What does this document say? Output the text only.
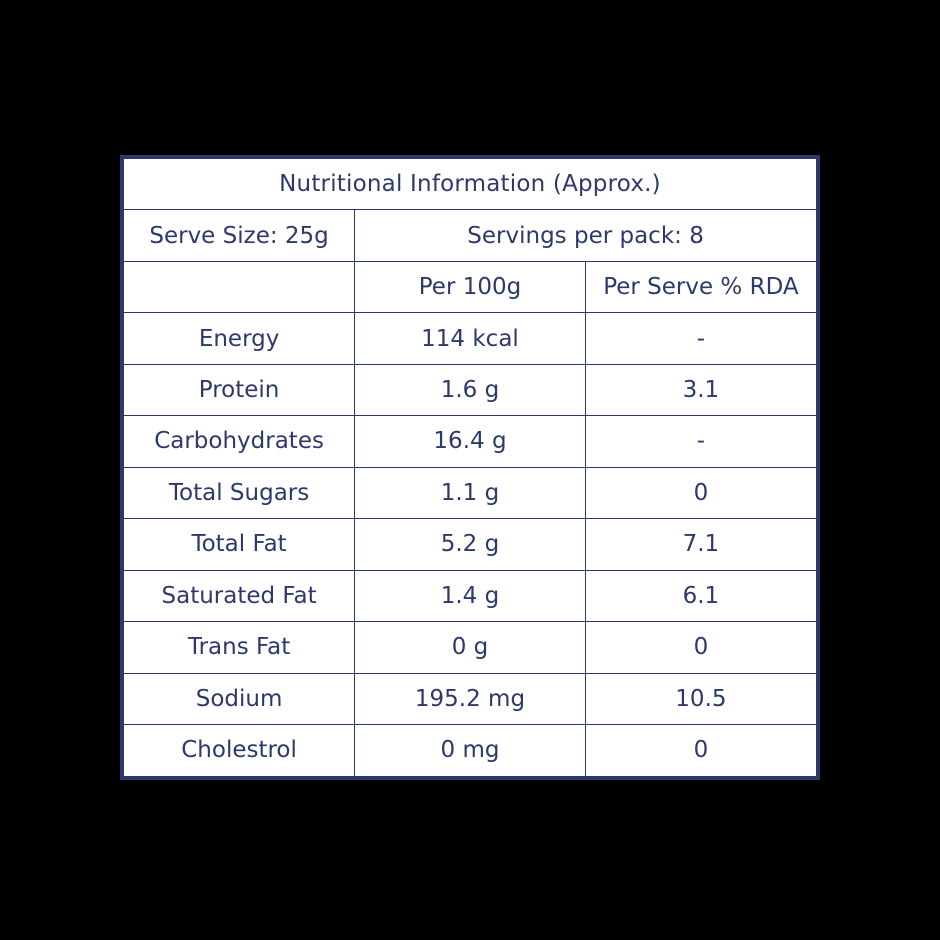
Nutritional Information (Approx.)		
Serve Size: 25g	Servings per pack: 8	
	Per 100g	Per Serve % RDA
Energy	114 kcal	-
Protein	1.6 g	3.1
Carbohydrates	16.4 g	-
Total Sugars	1.1 g	0
Total Fat	5.2 g	7.1
Saturated Fat	1.4 g	6.1
Trans Fat	0 g	0
Sodium	195.2 mg	10.5
Cholestrol	0 mg	0
